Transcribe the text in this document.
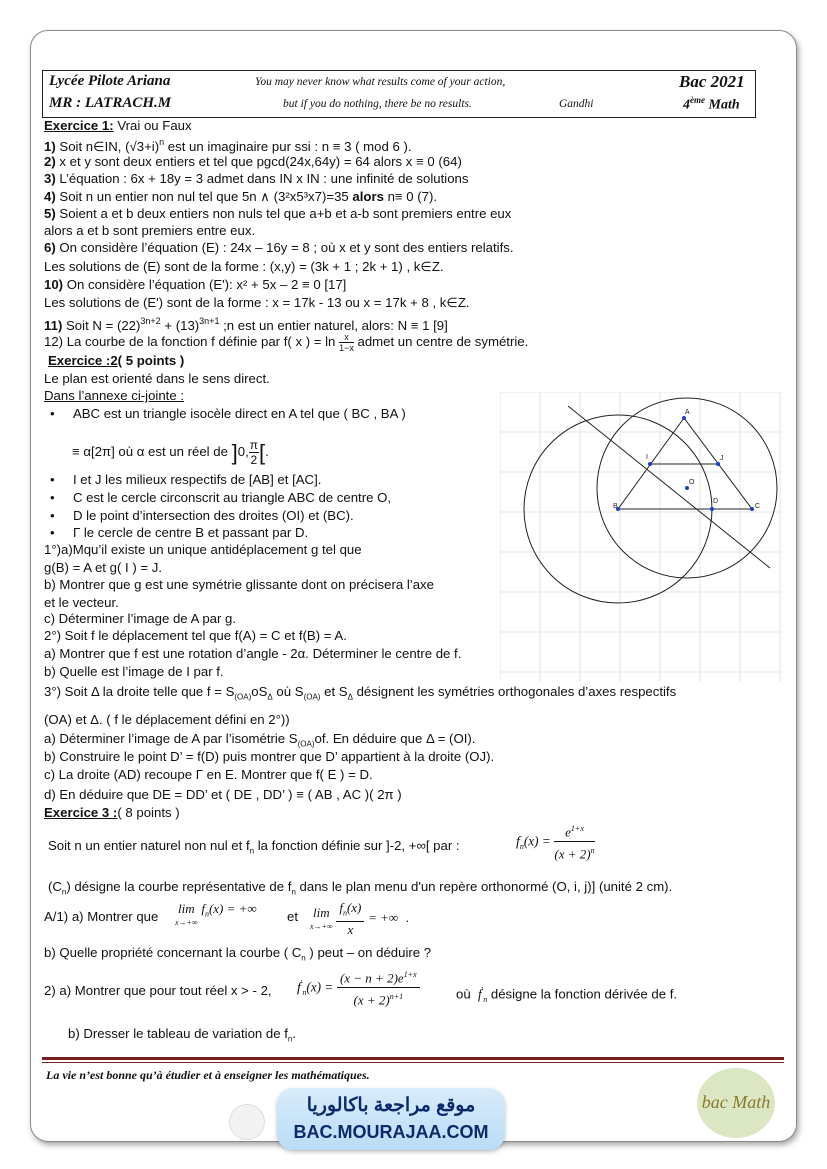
Lycée Pilote Ariana
MR : LATRACH.M
You may never know what results come of your action,
but if you do nothing, there be no results.	Gandhi
Bac 2021
4ème Math
Exercice 1: Vrai ou Faux
1) Soit n∈IN, $(√3+i)^n$ est un imaginaire pur ssi : n ≡ 3 ( mod 6 ).
2) x et y sont deux entiers et tel que pgcd(24x,64y) = 64 alors x ≡ 0 (64)
3) L’équation : 6x + 18y = 3 admet dans IN x IN : une infinité de solutions
4) Soit n un entier non nul tel que 5n ∧ (3²x5³x7)=35 alors n≡ 0 (7).
5) Soient a et b deux entiers non nuls tel que a+b et a-b sont premiers entre eux
alors a et b sont premiers entre eux.
6) On considère l’équation (E) : 24x – 16y = 8 ; où x et y sont des entiers relatifs.
Les solutions de (E) sont de la forme : (x,y) = (3k + 1 ; 2k + 1) , k∈Z.
10) On considère l’équation (E'): x² + 5x – 2 ≡ 0 [17]
Les solutions de (E') sont de la forme : x = 17k - 13 ou x = 17k + 8 , k∈Z.
11) Soit $N = (22)^{3n+2} + (13)^{3n+1}$ ;n est un entier naturel, alors: N ≡ 1 [9]
12) La courbe de la fonction f définie par f( x ) = $\ln \frac{x}{1-x}$ admet un centre de symétrie.
Exercice :2( 5 points )
Le plan est orienté dans le sens direct.
Dans l’annexe ci-jointe :
•     ABC est un triangle isocèle direct en A tel que ( BC , BA )
≡ α[2π] où α est un réel de ]0, $\frac{\pi}{2}$ [.
•     I et J les milieux respectifs de [AB] et [AC].
•     C est le cercle circonscrit au triangle ABC de centre O,
•     D le point d’intersection des droites (OI) et (BC).
•     Γ le cercle de centre B et passant par D.
1°)a)Mqu’il existe un unique antidéplacement g tel que
g(B) = A et g( I ) = J.
b) Montrer que g est une symétrie glissante dont on précisera l’axe
et le vecteur.
c) Déterminer l’image de A par g.
2°) Soit f le déplacement tel que f(A) = C et f(B) = A.
a) Montrer que f est une rotation d’angle - 2α. Déterminer le centre de f.
b) Quelle est l’image de I par f.
3°) Soit Δ la droite telle que $f = S_{(OA)}oS_\Delta$ où $S_{(OA)}$ et $S_\Delta$ désignent les symétries orthogonales d’axes respectifs
(OA) et Δ. ( f le déplacement défini en 2°))
a) Déterminer l’image de A par l’isométrie $S_{(OA)}of$. En déduire que Δ = (OI).
b) Construire le point D’ = f(D) puis montrer que D’ appartient à la droite (OJ).
c) La droite (AD) recoupe Γ en E. Montrer que f( E ) = D.
d) En déduire que DE = DD’ et ( DE , DD’ ) ≡ ( AB , AC )( 2π )
A
B	C
D
O
I	J
Exercice 3 :( 8 points )
Soit n un entier naturel non nul et $f_n$ la fonction définie sur ]-2, +∞[ par :	$f_n(x) = \frac{e^{1+x}}{(x + 2)^n}$
$(C_n)$ désigne la courbe représentative de $f_n$ dans le plan menu d'un repère orthonormé (O, i, j)] (unité 2 cm).
A/1) a) Montrer que
lim
x→+∞
$f_n(x)$ = +∞
et lim
x→+∞
$\frac{f_n(x)}{x}$ = +∞ .
b) Quelle propriété concernant la courbe ( $C_n$ ) peut – on déduire ?
2) a) Montrer que pour tout réel x > - 2, $f'_n(x) = \frac{(x - n + 2)e^{1+x}}{(x + 2)^{n+1}}$	où $f'_n$ désigne la fonction dérivée de f.
b) Dresser le tableau de variation de $f_n$.
La vie n’est bonne qu’à étudier et à enseigner les mathématiques.
موقع مراجعة باكالوريا
BAC.MOURAJAA.COM
bac Math
